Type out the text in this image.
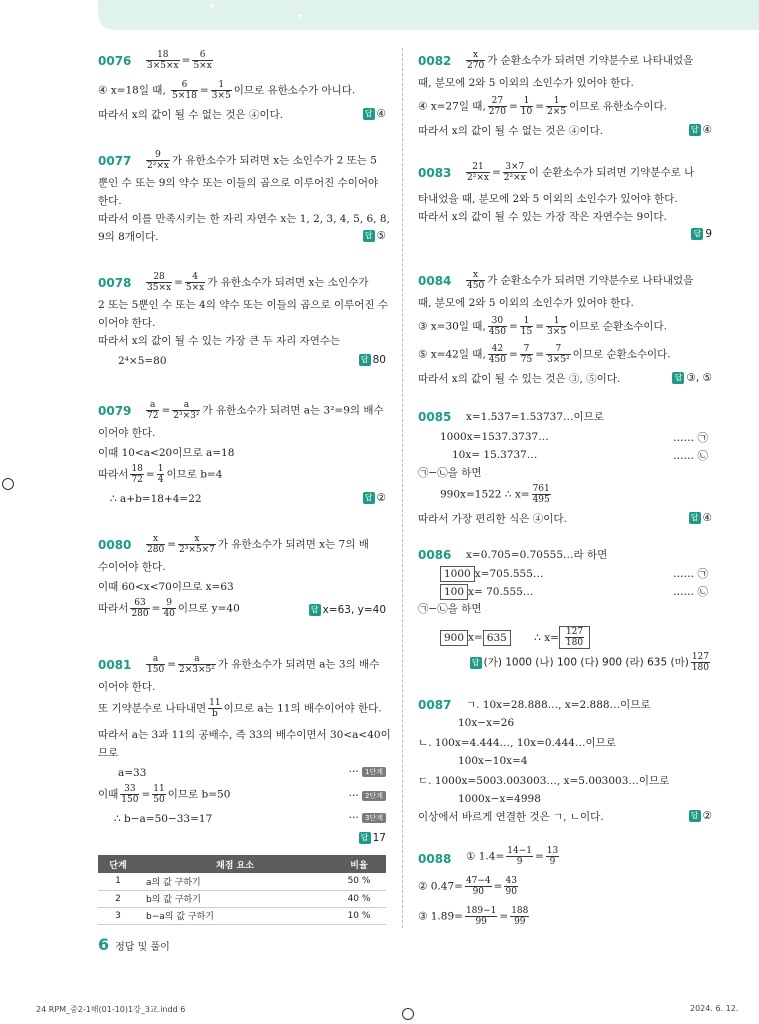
✦
✦
$0076 \frac{18}{3\times 5\times x} = \frac{6}{5\times x}$
④ x=18일 때, $\frac{6}{5\times 18} = \frac{1}{3\times 5}$ 이므로 유한소수가 아니다.
따라서 x의 값이 될 수 없는 것은 ④이다.	답 ④
$0077 \frac{9}{\text{2²×x}}$ 가 유한소수가 되려면 x는 소인수가 2 또는 5
뿐인 수 또는 9의 약수 또는 이들의 곱으로 이루어진 수이어야
한다.
따라서 이를 만족시키는 한 자리 자연수 x는 1, 2, 3, 4, 5, 6, 8,
9의 8개이다.	답 ⑤
$0078 \frac{28}{35\times x} = \frac{4}{5\times x}$ 가 유한소수가 되려면 x는 소인수가
2 또는 5뿐인 수 또는 4의 약수 또는 이들의 곱으로 이루어진 수
이어야 한다.
따라서 x의 값이 될 수 있는 가장 큰 두 자리 자연수는
2⁴×5=80	답 80
$0079 \frac{a}{72} = \frac{a}{\text{2³×3²}}$ 가 유한소수가 되려면 a는 3²=9의 배수
이어야 한다.
이때 10<a<20이므로 a=18
따라서 $\frac{18}{72} = \frac{1}{4}$ 이므로 b=4
∴ a+b=18+4=22	답 ②
$0080 \frac{x}{280} = \frac{x}{\text{2³×5×7}}$ 가 유한소수가 되려면 x는 7의 배
수이어야 한다.
이때 60<x<70이므로 x=63
따라서 $\frac{63}{280} = \frac{9}{40}$ 이므로 y=40	답 x=63, y=40
$0081 \frac{a}{150} = \frac{a}{\text{2×3×5²}}$ 가 유한소수가 되려면 a는 3의 배수
이어야 한다.
또 기약분수로 나타내면 $\frac{11}{b}$ 이므로 a는 11의 배수이어야 한다.
따라서 a는 3과 11의 공배수, 즉 33의 배수이면서 30<a<40이
므로
a=33	··· 1단계
이때 $\frac{33}{150} = \frac{11}{50}$ 이므로 b=50	··· 2단계
∴ b−a=50−33=17	··· 3단계
답 17
단계	채점 요소	비율
1	a의 값 구하기	50 %
2	b의 값 구하기	40 %
3	b−a의 값 구하기	10 %
$0082 \frac{x}{270}$ 가 순환소수가 되려면 기약분수로 나타내었을
때, 분모에 2와 5 이외의 소인수가 있어야 한다.
④ x=27일 때, $\frac{27}{270} = \frac{1}{10} = \frac{1}{2\times 5}$ 이므로 유한소수이다.
따라서 x의 값이 될 수 없는 것은 ④이다.	답 ④
$0083 \frac{21}{\text{2²×x}} = \frac{3\times 7}{\text{2²×x}}$ 이 순환소수가 되려면 기약분수로 나
타내었을 때, 분모에 2와 5 이외의 소인수가 있어야 한다.
따라서 x의 값이 될 수 있는 가장 작은 자연수는 9이다.
답 9
$0084 \frac{x}{450}$ 가 순환소수가 되려면 기약분수로 나타내었을
때, 분모에 2와 5 이외의 소인수가 있어야 한다.
③ x=30일 때, $\frac{30}{450} = \frac{1}{15} = \frac{1}{3\times 5}$ 이므로 순환소수이다.
⑤ x=42일 때, $\frac{42}{450} = \frac{7}{75} = \frac{7}{\text{3×5²}}$ 이므로 순환소수이다.
따라서 x의 값이 될 수 있는 것은 ③, ⑤이다.	답 ③, ⑤
0085 x=1.5̇37̇=1.53737…이므로
1000x=1537.3737…	…… ㉠
10x= 15.3737…	…… ㉡
㉠−㉡을 하면
990x=1522 ∴ $x= \frac{761}{495}$
따라서 가장 편리한 식은 ④이다.	답 ④
0086 x=0.705̇=0.70555…라 하면
1000 x=705.555…	…… ㉠
100 x= 70.555…	…… ㉡
㉠−㉡을 하면
900 x= 635	∴ $x= \frac{127}{180}$
답 (가) 1000 (나) 100 (다) 900 (라) 635 (마) $\frac{127}{180}$
0087 ㄱ. 10x=28.888…, x=2.888…이므로
10x−x=26
ㄴ. 100x=4.444…, 10x=0.444…이므로
100x−10x=4
ㄷ. 1000x=5003.003003…, x=5.003003…이므로
1000x−x=4998
이상에서 바르게 연결한 것은 ㄱ, ㄴ이다.	답 ②
0088 ① 1.4̇= $\frac{14-1}{9} = \frac{13}{9}$
② 0.47̇= $\frac{47-4}{90} = \frac{43}{90}$
③ 1.8̇9̇= $\frac{189-1}{99} = \frac{188}{99}$
6 정답 및 풀이
24 RPM_중2-1해(01-10)1강_3교.indd 6	2024. 6. 12.
